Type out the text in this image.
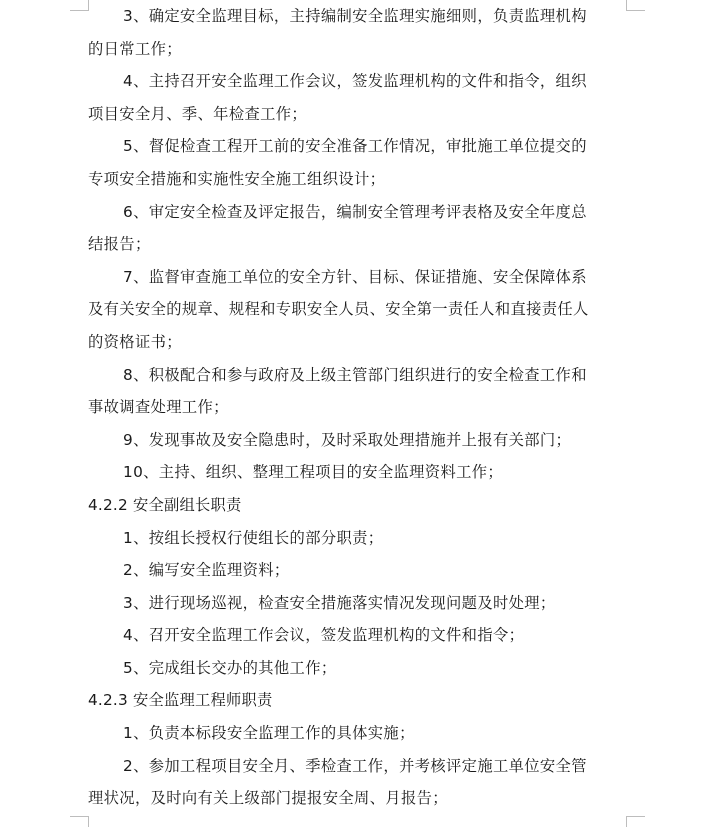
3、确定安全监理目标，主持编制安全监理实施细则，负责监理机构
的日常工作；
4、主持召开安全监理工作会议，签发监理机构的文件和指令，组织
项目安全月、季、年检查工作；
5、督促检查工程开工前的安全准备工作情况，审批施工单位提交的
专项安全措施和实施性安全施工组织设计；
6、审定安全检查及评定报告，编制安全管理考评表格及安全年度总
结报告；
7、监督审查施工单位的安全方针、目标、保证措施、安全保障体系
及有关安全的规章、规程和专职安全人员、安全第一责任人和直接责任人
的资格证书；
8、积极配合和参与政府及上级主管部门组织进行的安全检查工作和
事故调查处理工作；
9、发现事故及安全隐患时，及时采取处理措施并上报有关部门；
10、主持、组织、整理工程项目的安全监理资料工作；
4.2.2 安全副组长职责
1、按组长授权行使组长的部分职责；
2、编写安全监理资料；
3、进行现场巡视，检查安全措施落实情况发现问题及时处理；
4、召开安全监理工作会议，签发监理机构的文件和指令；
5、完成组长交办的其他工作；
4.2.3 安全监理工程师职责
1、负责本标段安全监理工作的具体实施；
2、参加工程项目安全月、季检查工作，并考核评定施工单位安全管
理状况，及时向有关上级部门提报安全周、月报告；
